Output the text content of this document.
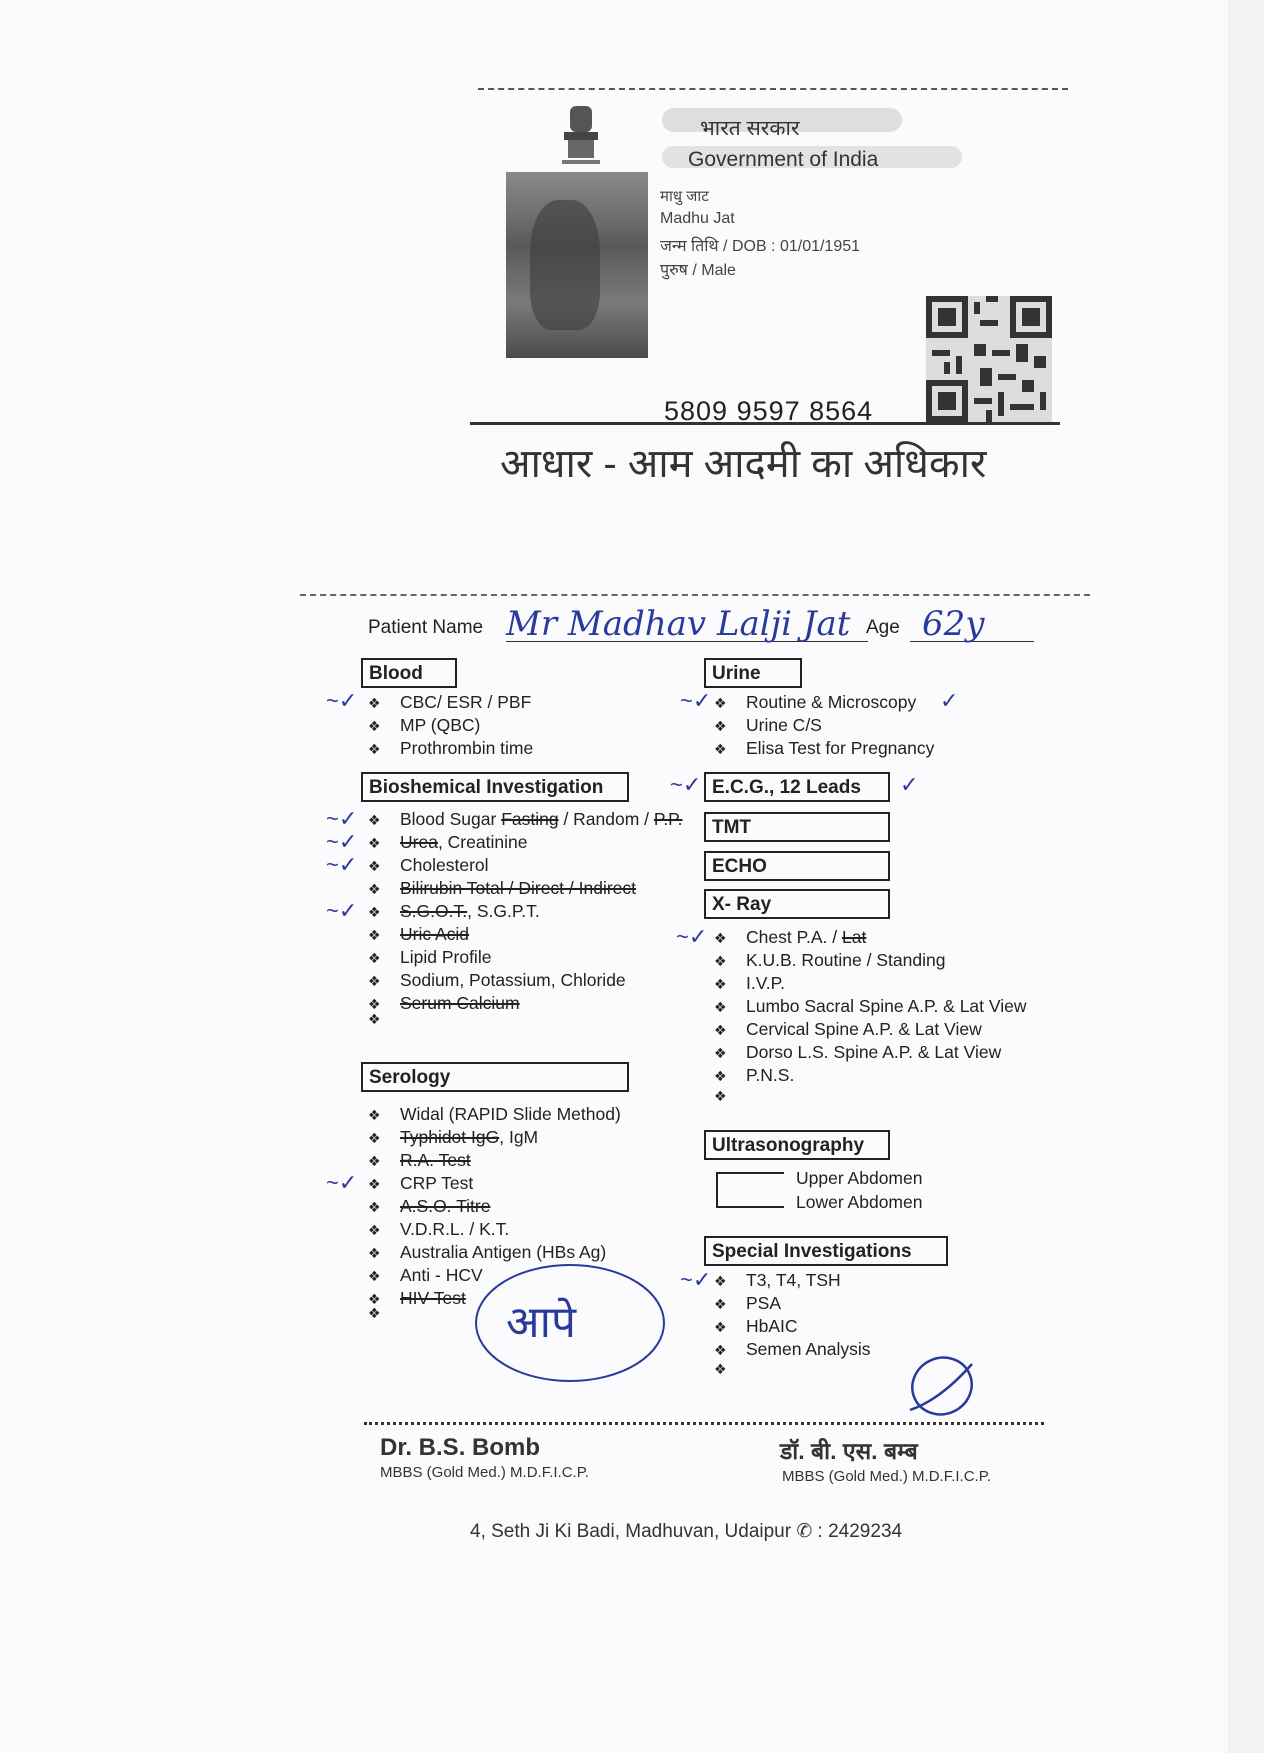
भारत सरकार
Government of India
माधु जाट
Madhu Jat
जन्म तिथि / DOB : 01/01/1951
पुरुष / Male
5809 9597 8564
आधार - आम आदमी का अधिकार
Patient Name Mr Madhav Lalji Jat Age 62y
Blood
❖ CBC/ ESR / PBF
❖ MP (QBC)
❖ Prothrombin time
Urine
❖ Routine & Microscopy
❖ Urine C/S
❖ Elisa Test for Pregnancy
Bioshemical Investigation
❖ Blood Sugar Fasting / Random / P.P.
❖ Urea, Creatinine
❖ Cholesterol
❖ Bilirubin Total / Direct / Indirect
❖ S.G.O.T., S.G.P.T.
❖ Uric Acid
❖ Lipid Profile
❖ Sodium, Potassium, Chloride
❖ Serum Calcium
❖
E.C.G., 12 Leads
TMT
ECHO
X- Ray
❖ Chest P.A. / Lat
❖ K.U.B. Routine / Standing
❖ I.V.P.
❖ Lumbo Sacral Spine A.P. & Lat View
❖ Cervical Spine A.P. & Lat View
❖ Dorso L.S. Spine A.P. & Lat View
❖ P.N.S.
❖
Serology
❖ Widal (RAPID Slide Method)
❖ Typhidot IgG, IgM
❖ R.A. Test
❖ CRP Test
❖ A.S.O. Titre
❖ V.D.R.L. / K.T.
❖ Australia Antigen (HBs Ag)
❖ Anti - HCV
❖ HIV Test
❖
Ultrasonography
Upper Abdomen
Lower Abdomen
Special Investigations
❖ T3, T4, TSH
❖ PSA
❖ HbAIC
❖ Semen Analysis
❖
~✓	~✓	✓
~✓
~✓
~✓
~✓
~✓	✓
~✓
~✓
~✓
आपे
Dr. B.S. Bomb
MBBS (Gold Med.) M.D.F.I.C.P.
डॉ. बी. एस. बम्ब
MBBS (Gold Med.) M.D.F.I.C.P.
4, Seth Ji Ki Badi, Madhuvan, Udaipur ✆ : 2429234
